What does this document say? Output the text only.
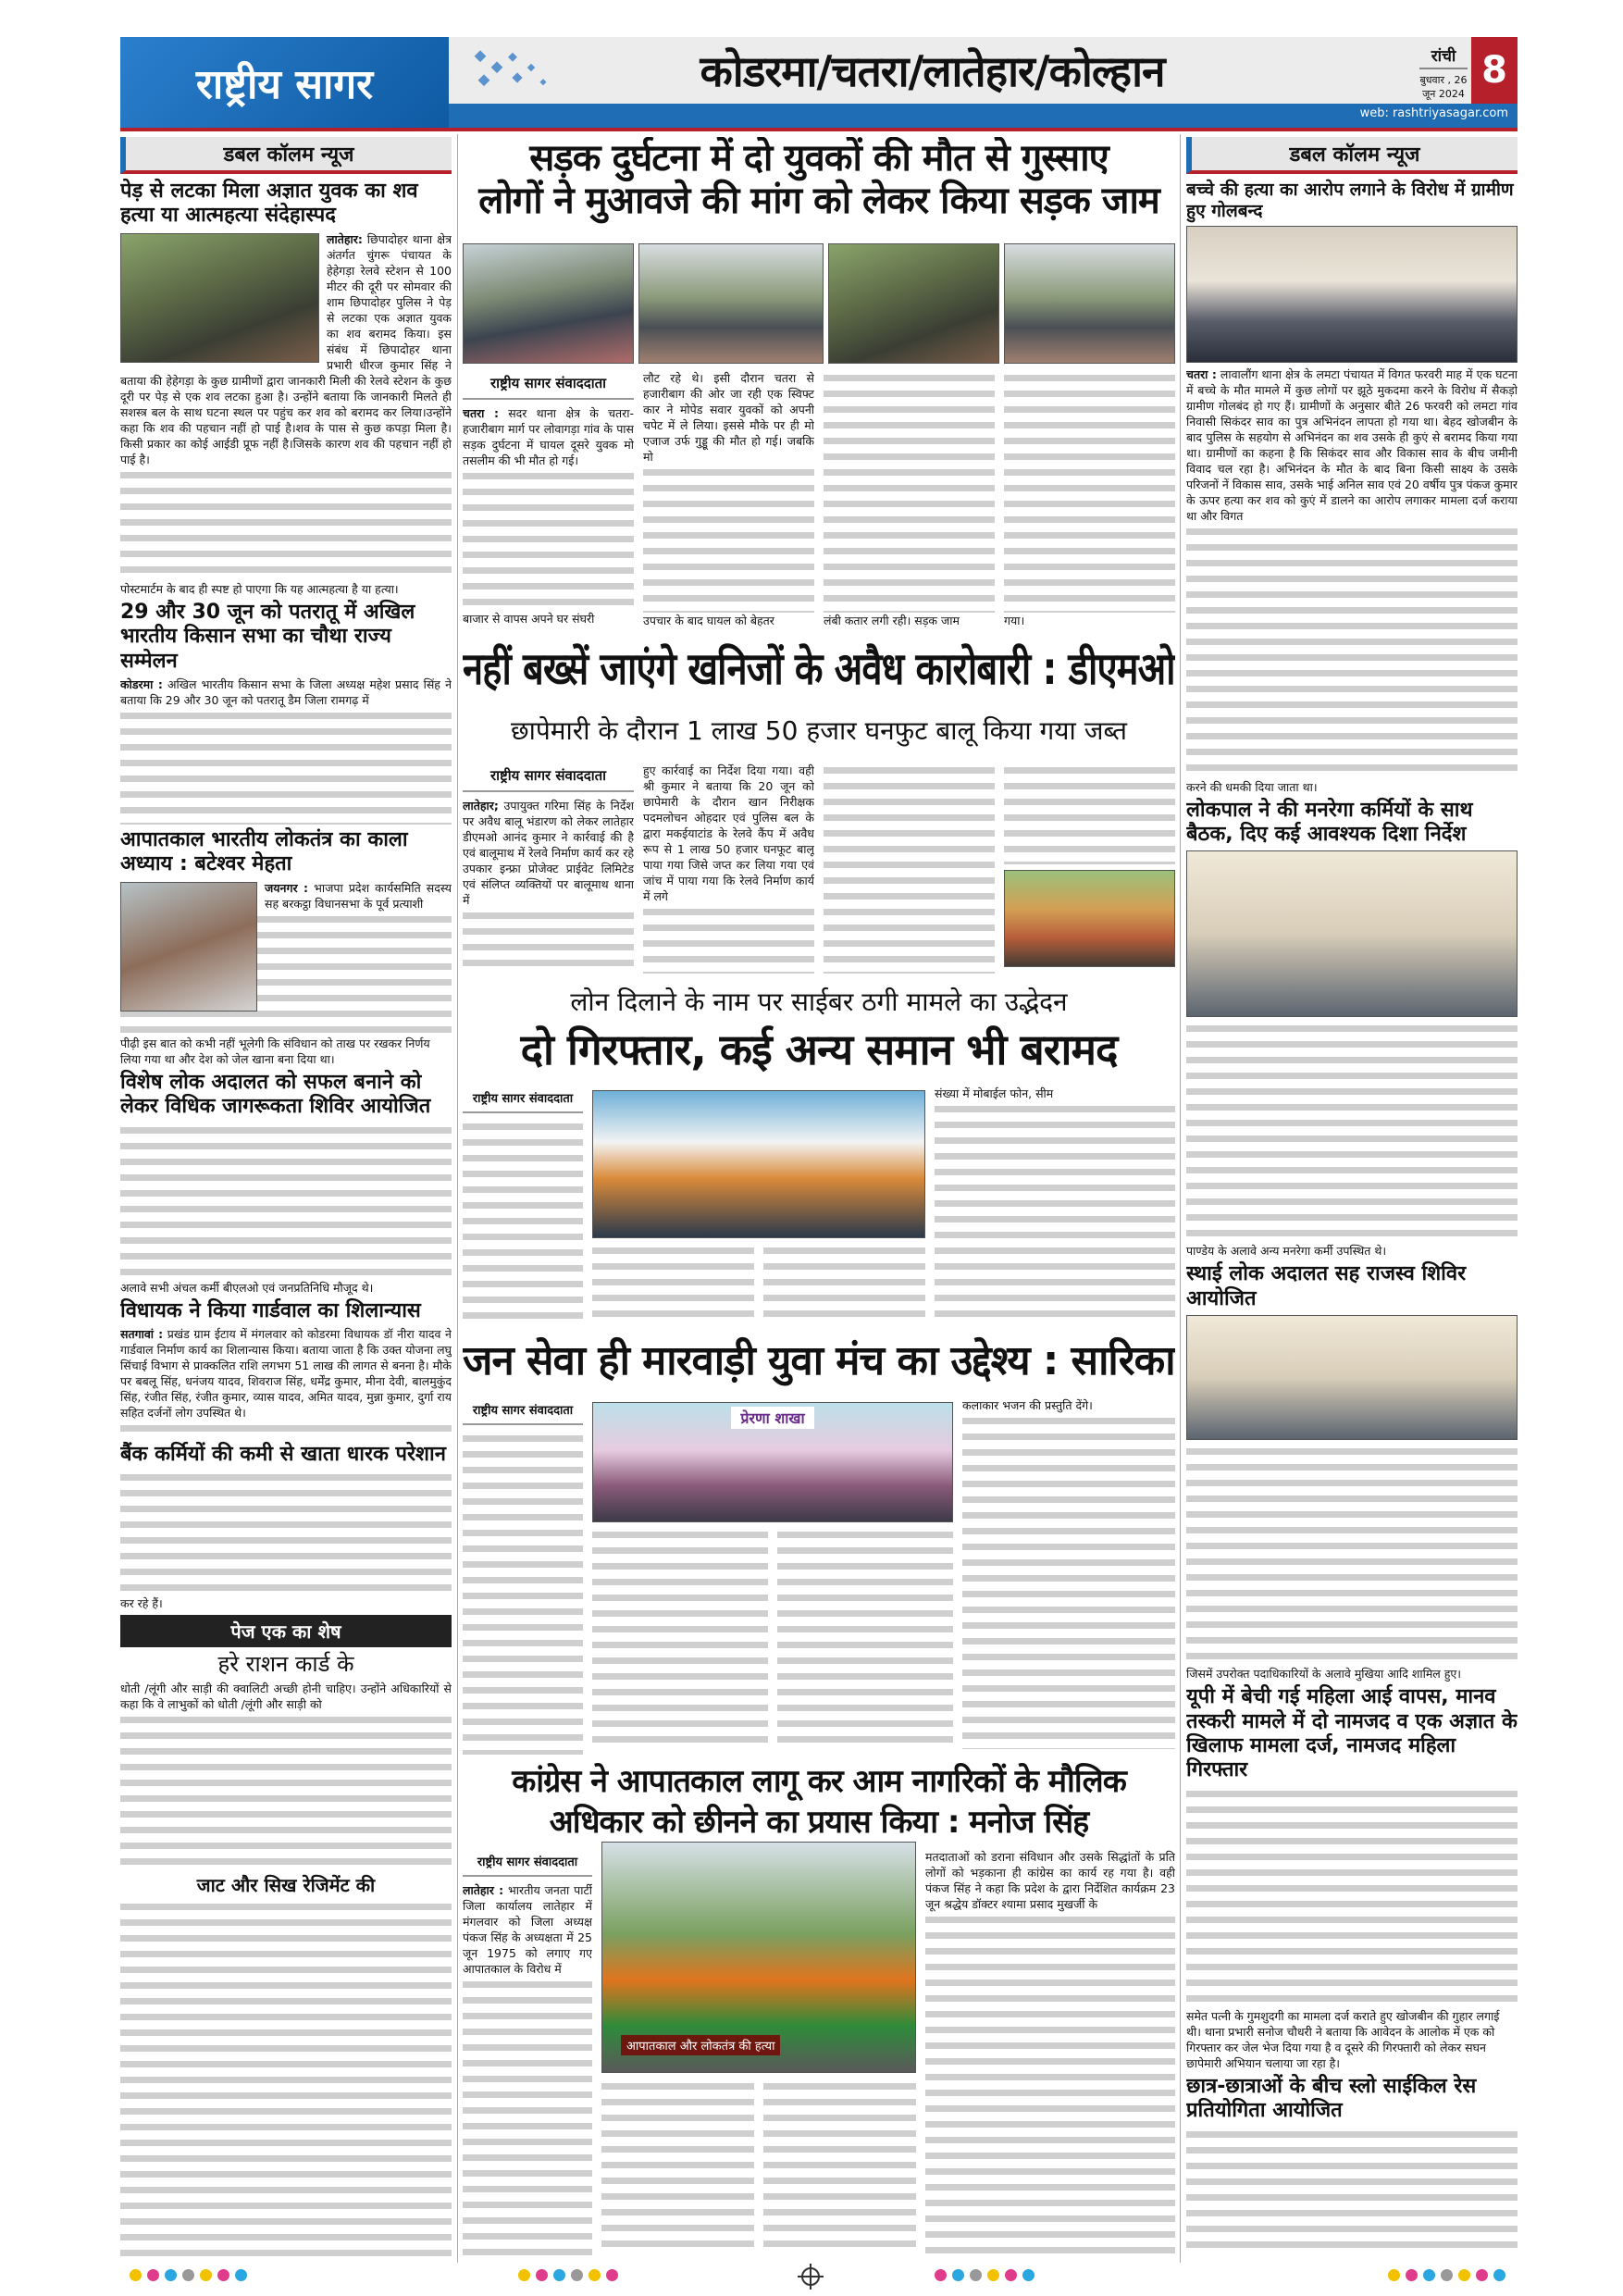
राष्ट्रीय सागर	कोडरमा/चतरा/लातेहार/कोल्हान	रांची
बुधवार , 26 जून 2024
8
web: rashtriyasagar.com
डबल कॉलम न्यूज
पेड़ से लटका मिला अज्ञात युवक का शव हत्या या आत्महत्या संदेहास्पद

लातेहार: छिपादोहर थाना क्षेत्र अंतर्गत चुंगरू पंचायत के हेहेगड़ा रेलवे स्टेशन से 100 मीटर की दूरी पर सोमवार की शाम छिपादोहर पुलिस ने पेड़ से लटका एक अज्ञात युवक का शव बरामद किया। इस संबंध में छिपादोहर थाना प्रभारी धीरज कुमार सिंह ने बताया की हेहेगड़ा के कुछ ग्रामीणों द्वारा जानकारी मिली की रेलवे स्टेशन के कुछ दूरी पर पेड़ से एक शव लटका हुआ है। उन्होंने बताया कि जानकारी मिलते ही सशस्त्र बल के साथ घटना स्थल पर पहुंच कर शव को बरामद कर लिया।उन्होंने कहा कि शव की पहचान नहीं हो पाई है।शव के पास से कुछ कपड़ा मिला है। किसी प्रकार का कोई आईडी प्रूफ नहीं है।जिसके कारण शव की पहचान नहीं हो पाई है।

पोस्टमार्टम के बाद ही स्पष्ट हो पाएगा कि यह आत्महत्या है या हत्या।

29 और 30 जून को पतरातू में अखिल भारतीय किसान सभा का चौथा राज्य सम्मेलन

कोडरमा : अखिल भारतीय किसान सभा के जिला अध्यक्ष महेश प्रसाद सिंह ने बताया कि 29 और 30 जून को पतरातू डैम जिला रामगढ़ में

आपातकाल भारतीय लोकतंत्र का काला अध्याय : बटेश्वर मेहता

जयनगर : भाजपा प्रदेश कार्यसमिति सदस्य सह बरकट्ठा विधानसभा के पूर्व प्रत्याशी

पीढ़ी इस बात को कभी नहीं भूलेगी कि संविधान को ताख पर रखकर निर्णय लिया गया था और देश को जेल खाना बना दिया था।

विशेष लोक अदालत को सफल बनाने को लेकर विधिक जागरूकता शिविर आयोजित

अलावे सभी अंचल कर्मी बीएलओ एवं जनप्रतिनिधि मौजूद थे।

विधायक ने किया गार्डवाल का शिलान्यास

सतगावां : प्रखंड ग्राम ईटाय में मंगलवार को कोडरमा विधायक डॉ नीरा यादव ने गार्डवाल निर्माण कार्य का शिलान्यास किया। बताया जाता है कि उक्त योजना लघु सिंचाई विभाग से प्राक्कलित राशि लगभग 51 लाख की लागत से बनना है। मौके पर बबलू सिंह, धनंजय यादव, शिवराज सिंह, धर्मेंद्र कुमार, मीना देवी, बालमुकुंद सिंह, रंजीत सिंह, रंजीत कुमार, व्यास यादव, अमित यादव, मुन्ना कुमार, दुर्गा राय सहित दर्जनों लोग उपस्थित थे।

बैंक कर्मियों की कमी से खाता धारक परेशान

कर रहे हैं।

पेज एक का शेष
हरे राशन कार्ड के

धोती /लूंगी और साड़ी की क्वालिटी अच्छी होनी चाहिए। उन्होंने अधिकारियों से कहा कि वे लाभुकों को धोती /लूंगी और साड़ी को

जाट और सिख रेजिमेंट की

सड़क दुर्घटना में दो युवकों की मौत से गुस्साए
लोगों ने मुआवजे की मांग को लेकर किया सड़क जाम
राष्ट्रीय सागर संवाददाता

चतरा : सदर थाना क्षेत्र के चतरा-हजारीबाग मार्ग पर लोवागड़ा गांव के पास सड़क दुर्घटना में घायल दूसरे युवक मो तसलीम की भी मौत हो गई।

बाजार से वापस अपने घर संघरी

लौट रहे थे। इसी दौरान चतरा से हजारीबाग की ओर जा रही एक स्विफ्ट कार ने मोपेड सवार युवकों को अपनी चपेट में ले लिया। इससे मौके पर ही मो एजाज उर्फ गुड्डू की मौत हो गई। जबकि मो

उपचार के बाद घायल को बेहतर	लंबी कतार लगी रही। सड़क जाम	गया।

नहीं बख्सें जाएंगे खनिजों के अवैध कारोबारी : डीएमओ
छापेमारी के दौरान 1 लाख 50 हजार घनफुट बालू किया गया जब्त
राष्ट्रीय सागर संवाददाता

लातेहार; उपायुक्त गरिमा सिंह के निर्देश पर अवैध बालू भंडारण को लेकर लातेहार डीएमओ आनंद कुमार ने कार्रवाई की है एवं बालूमाथ में रेलवे निर्माण कार्य कर रहे उपकार इन्फ्रा प्रोजेक्ट प्राईवेट लिमिटेड एवं संलिप्त व्यक्तियों पर बालूमाथ थाना में

हुए कार्रवाई का निर्देश दिया गया। वही श्री कुमार ने बताया कि 20 जून को छापेमारी के दौरान खान निरीक्षक पदमलोचन ओहदार एवं पुलिस बल के द्वारा मकईयाटांड के रेलवे कैंप में अवैध रूप से 1 लाख 50 हजार घनफूट बालू पाया गया जिसे जप्त कर लिया गया एवं जांच में पाया गया कि रेलवे निर्माण कार्य में लगे

लोन दिलाने के नाम पर साईबर ठगी मामले का उद्भेदन
दो गिरफ्तार, कई अन्य समान भी बरामद
राष्ट्रीय सागर संवाददाता	संख्या में मोबाईल फोन, सीम

जन सेवा ही मारवाड़ी युवा मंच का उद्देश्य : सारिका
राष्ट्रीय सागर संवाददाता	प्रेरणा शाखा

कलाकार भजन की प्रस्तुति देंगे।

कांग्रेस ने आपातकाल लागू कर आम नागरिकों के मौलिक
अधिकार को छीनने का प्रयास किया : मनोज सिंह
राष्ट्रीय सागर संवाददाता

लातेहार : भारतीय जनता पार्टी जिला कार्यालय लातेहार में मंगलवार को जिला अध्यक्ष पंकज सिंह के अध्यक्षता में 25 जून 1975 को लगाए गए आपातकाल के विरोध में

आपातकाल और लोकतंत्र की हत्या

मतदाताओं को डराना संविधान और उसके सिद्धांतों के प्रति लोगों को भड़काना ही कांग्रेस का कार्य रह गया है। वही पंकज सिंह ने कहा कि प्रदेश के द्वारा निर्देशित कार्यक्रम 23 जून श्रद्धेय डॉक्टर श्यामा प्रसाद मुखर्जी के

डबल कॉलम न्यूज
बच्चे की हत्या का आरोप लगाने के विरोध में ग्रामीण हुए गोलबन्द

चतरा : लावालौंग थाना क्षेत्र के लमटा पंचायत में विगत फरवरी माह में एक घटना में बच्चे के मौत मामले में कुछ लोगों पर झूठे मुकदमा करने के विरोध में सैकड़ो ग्रामीण गोलबंद हो गए हैं। ग्रामीणों के अनुसार बीते 26 फरवरी को लमटा गांव निवासी सिकंदर साव का पुत्र अभिनंदन लापता हो गया था। बेहद खोजबीन के बाद पुलिस के सहयोग से अभिनंदन का शव उसके ही कुएं से बरामद किया गया था। ग्रामीणों का कहना है कि सिकंदर साव और विकास साव के बीच जमीनी विवाद चल रहा है। अभिनंदन के मौत के बाद बिना किसी साक्ष्य के उसके परिजनों नें विकास साव, उसके भाई अनिल साव एवं 20 वर्षीय पुत्र पंकज कुमार के ऊपर हत्या कर शव को कुएं में डालने का आरोप लगाकर मामला दर्ज कराया था और विगत

करने की धमकी दिया जाता था।

लोकपाल ने की मनरेगा कर्मियों के साथ बैठक, दिए कई आवश्यक दिशा निर्देश

पाण्डेय के अलावे अन्य मनरेगा कर्मी उपस्थित थे।

स्थाई लोक अदालत सह राजस्व शिविर आयोजित

जिसमें उपरोक्त पदाधिकारियों के अलावे मुखिया आदि शामिल हुए।

यूपी में बेची गई महिला आई वापस, मानव तस्करी मामले में दो नामजद व एक अज्ञात के खिलाफ मामला दर्ज, नामजद महिला गिरफ्तार

समेत पत्नी के गुमशुदगी का मामला दर्ज कराते हुए खोजबीन की गुहार लगाई थी। थाना प्रभारी सनोज चौधरी ने बताया कि आवेदन के आलोक में एक को गिरफ्तार कर जेल भेज दिया गया है व दूसरे की गिरफ्तारी को लेकर सघन छापेमारी अभियान चलाया जा रहा है।

छात्र-छात्राओं के बीच स्लो साईकिल रेस प्रतियोगिता आयोजित
